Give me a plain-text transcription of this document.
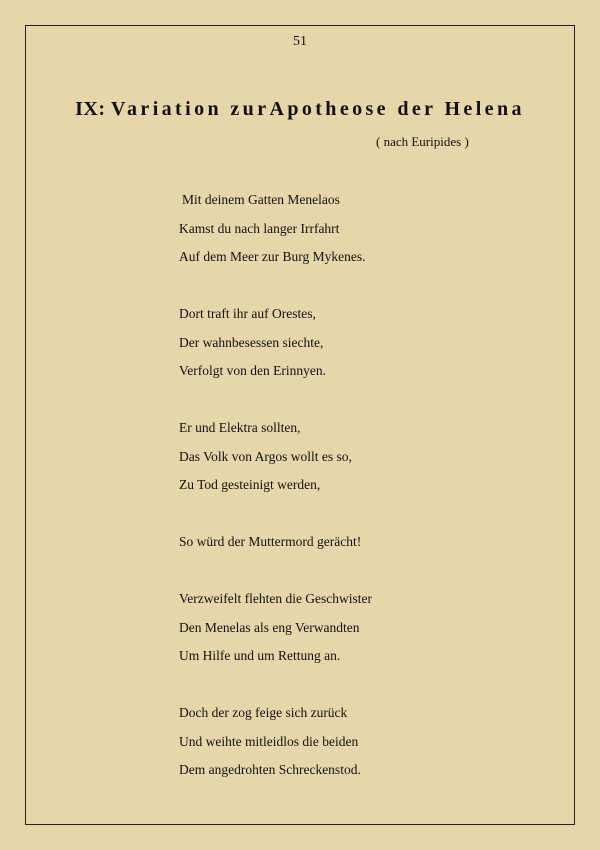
51
IX: Variation zurApotheose der Helena
( nach Euripides )
Mit deinem Gatten Menelaos
Kamst du nach langer Irrfahrt
Auf dem Meer zur Burg Mykenes.
Dort traft ihr auf Orestes,
Der wahnbesessen siechte,
Verfolgt von den Erinnyen.
Er und Elektra sollten,
Das Volk von Argos wollt es so,
Zu Tod gesteinigt werden,
So würd der Muttermord gerächt!
Verzweifelt flehten die Geschwister
Den Menelas als eng Verwandten
Um Hilfe und um Rettung an.
Doch der zog feige sich zurück
Und weihte mitleidlos die beiden
Dem angedrohten Schreckenstod.
